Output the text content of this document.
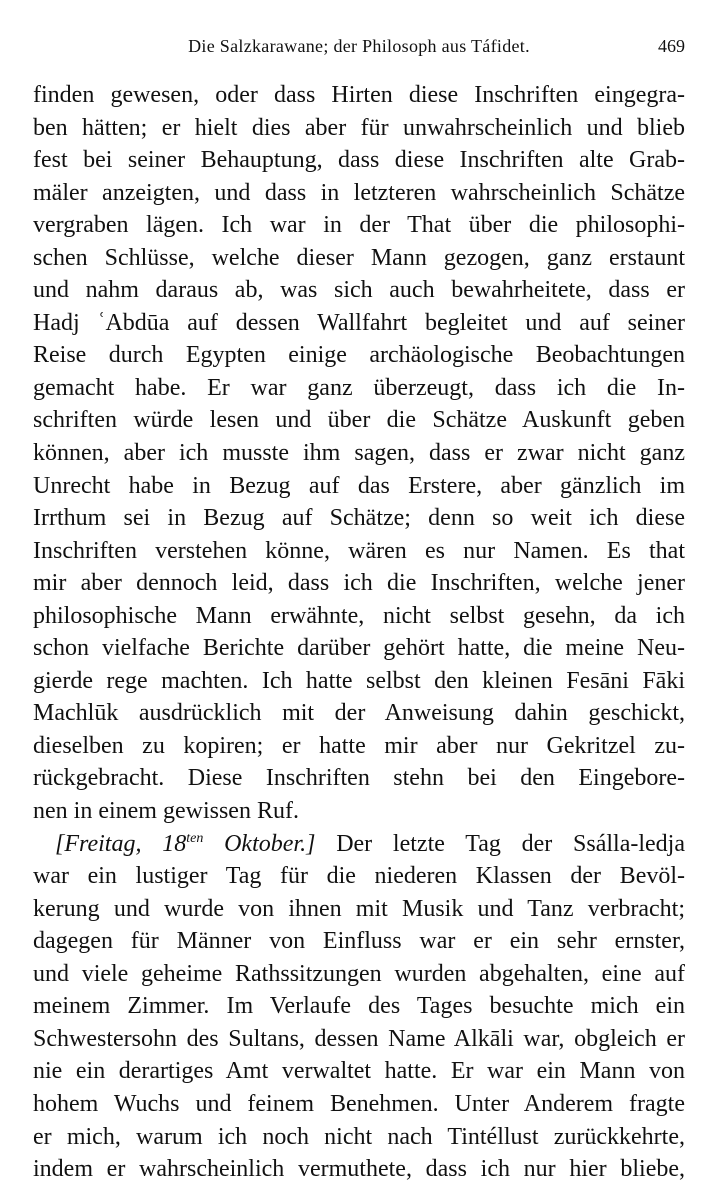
Die Salzkarawane; der Philosoph aus Táfidet.	469
finden gewesen, oder dass Hirten diese Inschriften eingegra-
ben hätten; er hielt dies aber für unwahrscheinlich und blieb
fest bei seiner Behauptung, dass diese Inschriften alte Grab-
mäler anzeigten, und dass in letzteren wahrscheinlich Schätze
vergraben lägen. Ich war in der That über die philosophi-
schen Schlüsse, welche dieser Mann gezogen, ganz erstaunt
und nahm daraus ab, was sich auch bewahrheitete, dass er
Hadj ʿAbdūa auf dessen Wallfahrt begleitet und auf seiner
Reise durch Egypten einige archäologische Beobachtungen
gemacht habe. Er war ganz überzeugt, dass ich die In-
schriften würde lesen und über die Schätze Auskunft geben
können, aber ich musste ihm sagen, dass er zwar nicht ganz
Unrecht habe in Bezug auf das Erstere, aber gänzlich im
Irrthum sei in Bezug auf Schätze; denn so weit ich diese
Inschriften verstehen könne, wären es nur Namen. Es that
mir aber dennoch leid, dass ich die Inschriften, welche jener
philosophische Mann erwähnte, nicht selbst gesehn, da ich
schon vielfache Berichte darüber gehört hatte, die meine Neu-
gierde rege machten. Ich hatte selbst den kleinen Fesāni Fāki
Machlūk ausdrücklich mit der Anweisung dahin geschickt,
dieselben zu kopiren; er hatte mir aber nur Gekritzel zu-
rückgebracht. Diese Inschriften stehn bei den Eingebore-
nen in einem gewissen Ruf.
[Freitag, $18^{ten}$ Oktober.] Der letzte Tag der Ssálla-ledja
war ein lustiger Tag für die niederen Klassen der Bevöl-
kerung und wurde von ihnen mit Musik und Tanz verbracht;
dagegen für Männer von Einfluss war er ein sehr ernster,
und viele geheime Rathssitzungen wurden abgehalten, eine auf
meinem Zimmer. Im Verlaufe des Tages besuchte mich ein
Schwestersohn des Sultans, dessen Name Alkāli war, obgleich er
nie ein derartiges Amt verwaltet hatte. Er war ein Mann von
hohem Wuchs und feinem Benehmen. Unter Anderem fragte
er mich, warum ich noch nicht nach Tintéllust zurückkehrte,
indem er wahrscheinlich vermuthete, dass ich nur hier bliebe,
